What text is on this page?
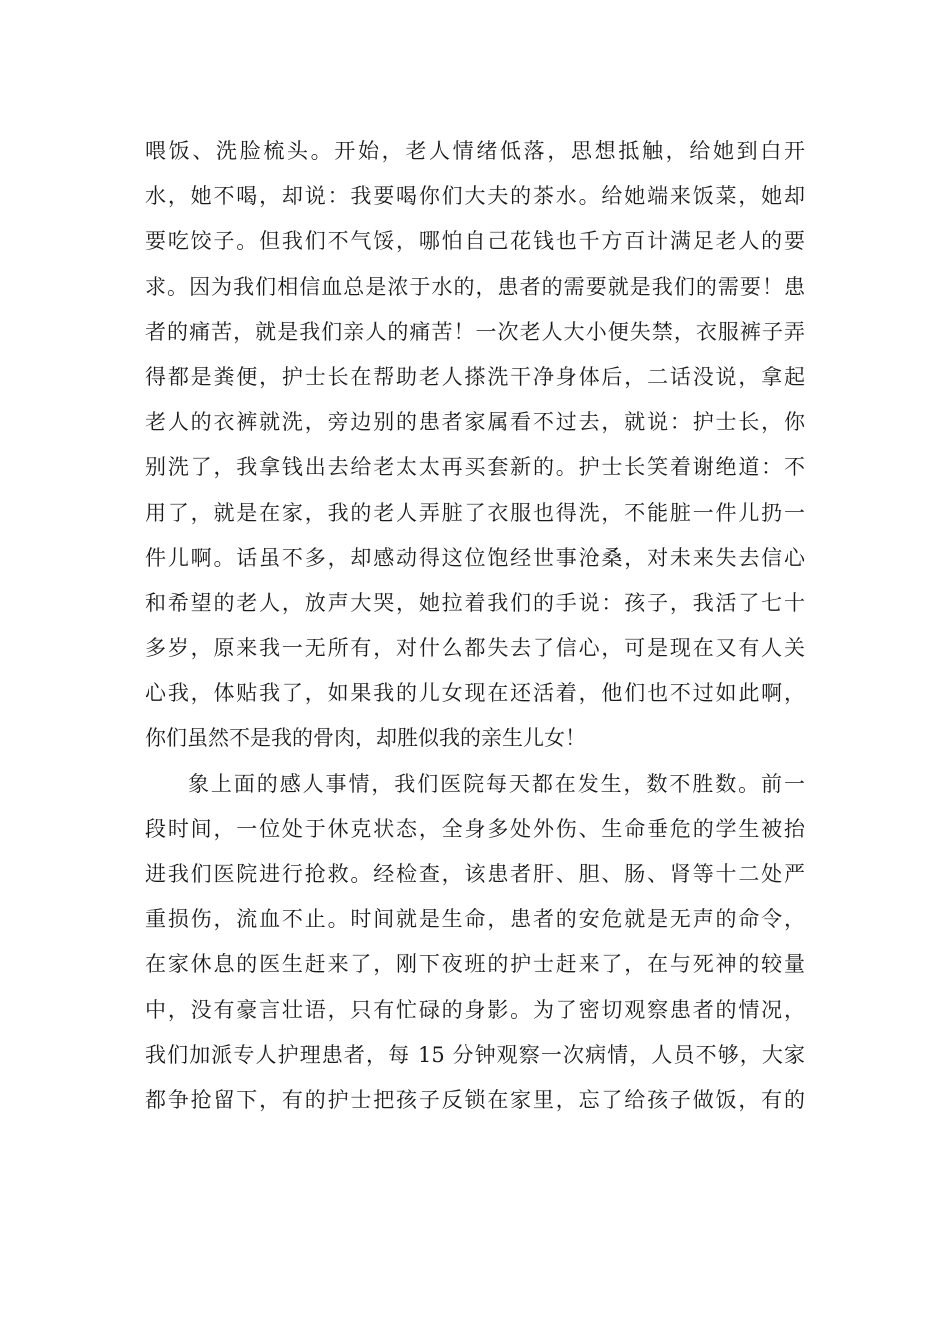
喂饭、洗脸梳头。开始，老人情绪低落，思想抵触，给她到白开

水，她不喝，却说：我要喝你们大夫的茶水。给她端来饭菜，她却

要吃饺子。但我们不气馁，哪怕自己花钱也千方百计满足老人的要

求。因为我们相信血总是浓于水的，患者的需要就是我们的需要！患

者的痛苦，就是我们亲人的痛苦！一次老人大小便失禁，衣服裤子弄

得都是粪便，护士长在帮助老人搽洗干净身体后，二话没说，拿起

老人的衣裤就洗，旁边别的患者家属看不过去，就说：护士长，你

别洗了，我拿钱出去给老太太再买套新的。护士长笑着谢绝道：不

用了，就是在家，我的老人弄脏了衣服也得洗，不能脏一件儿扔一

件儿啊。话虽不多，却感动得这位饱经世事沧桑，对未来失去信心

和希望的老人，放声大哭，她拉着我们的手说：孩子，我活了七十

多岁，原来我一无所有，对什么都失去了信心，可是现在又有人关

心我，体贴我了，如果我的儿女现在还活着，他们也不过如此啊，

你们虽然不是我的骨肉，却胜似我的亲生儿女！

象上面的感人事情，我们医院每天都在发生，数不胜数。前一

段时间，一位处于休克状态，全身多处外伤、生命垂危的学生被抬

进我们医院进行抢救。经检查，该患者肝、胆、肠、肾等十二处严

重损伤，流血不止。时间就是生命，患者的安危就是无声的命令，

在家休息的医生赶来了，刚下夜班的护士赶来了，在与死神的较量

中，没有豪言壮语，只有忙碌的身影。为了密切观察患者的情况，

我们加派专人护理患者，每 15 分钟观察一次病情，人员不够，大家

都争抢留下，有的护士把孩子反锁在家里，忘了给孩子做饭，有的
